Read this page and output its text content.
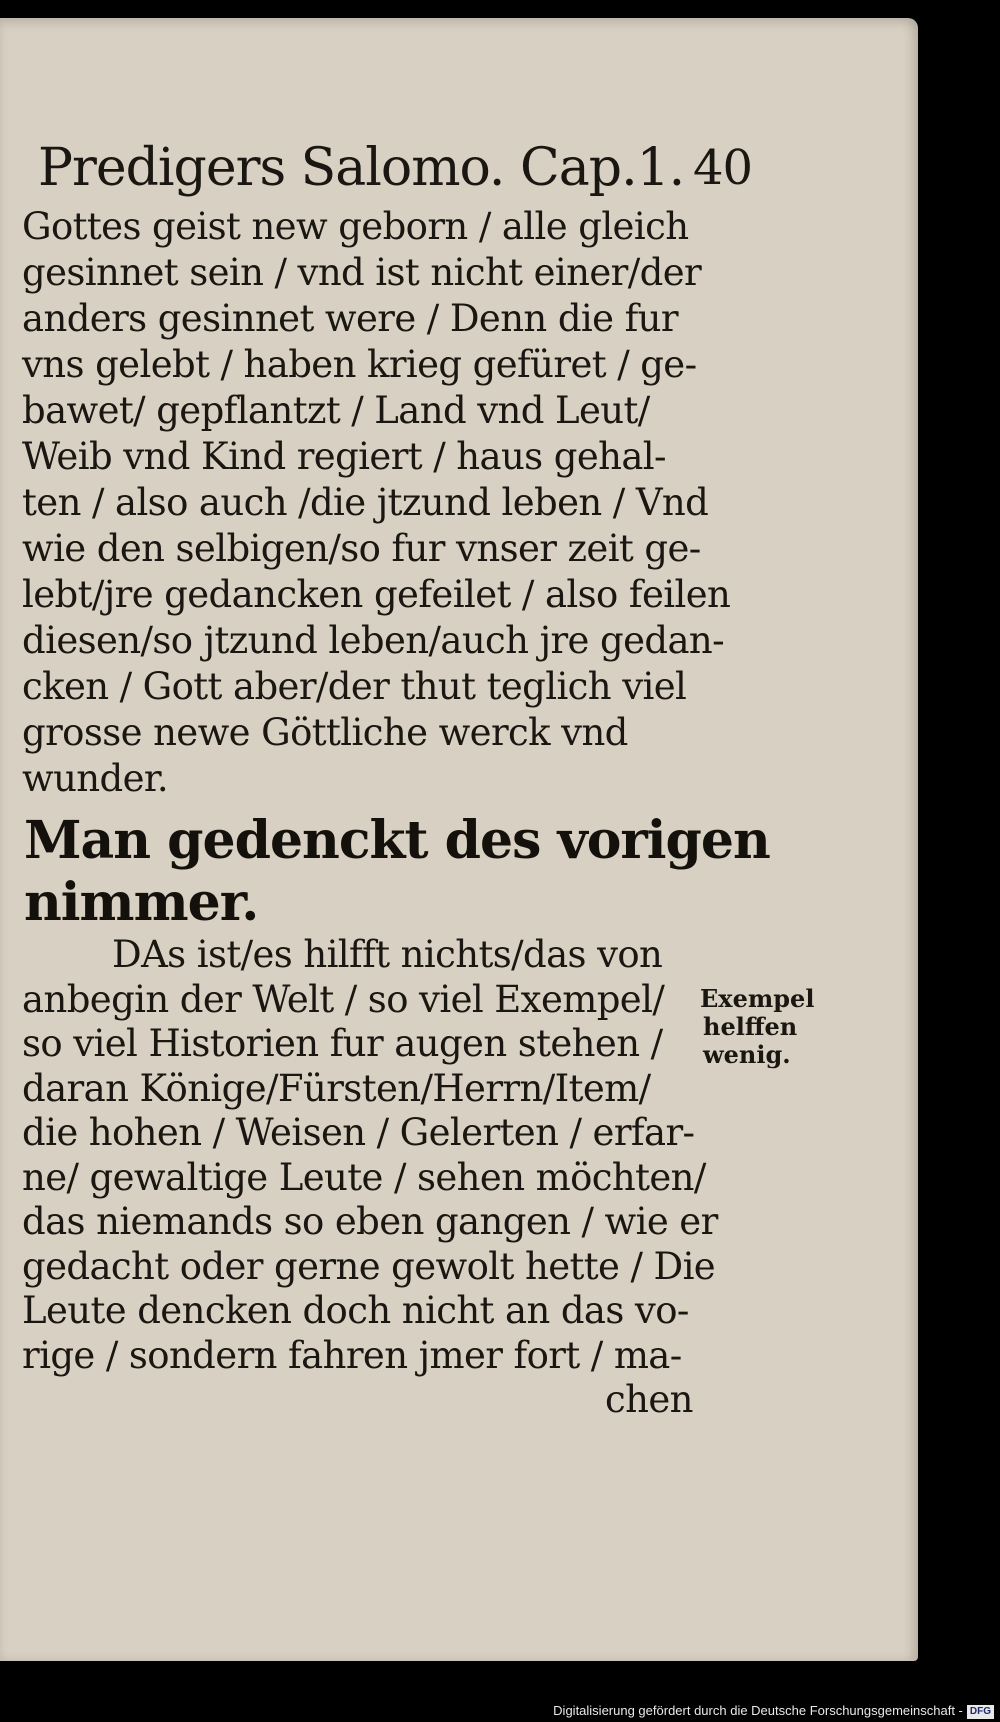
Predigers Salomo. Cap.1. 40
Gottes geist new geborn / alle gleich
gesinnet sein / vnd ist nicht einer/der
anders gesinnet were / Denn die fur
vns gelebt / haben krieg gefüret / ge-
bawet/ gepflantzt / Land vnd Leut/
Weib vnd Kind regiert / haus gehal-
ten / also auch /die jtzund leben / Vnd
wie den selbigen/so fur vnser zeit ge-
lebt/jre gedancken gefeilet / also feilen
diesen/so jtzund leben/auch jre gedan-
cken / Gott aber/der thut teglich viel
grosse newe Göttliche werck vnd
wunder.
Man gedenckt des vorigen
nimmer.
DAs ist/es hilfft nichts/das von
anbegin der Welt / so viel Exempel/
so viel Historien fur augen stehen /
daran Könige/Fürsten/Herrn/Item/
die hohen / Weisen / Gelerten / erfar-
ne/ gewaltige Leute / sehen möchten/
das niemands so eben gangen / wie er
gedacht oder gerne gewolt hette / Die
Leute dencken doch nicht an das vo-
rige / sondern fahren jmer fort / ma-
chen
Exempel
helffen
wenig.
Digitalisierung gefördert durch die Deutsche Forschungsgemeinschaft - DFG
